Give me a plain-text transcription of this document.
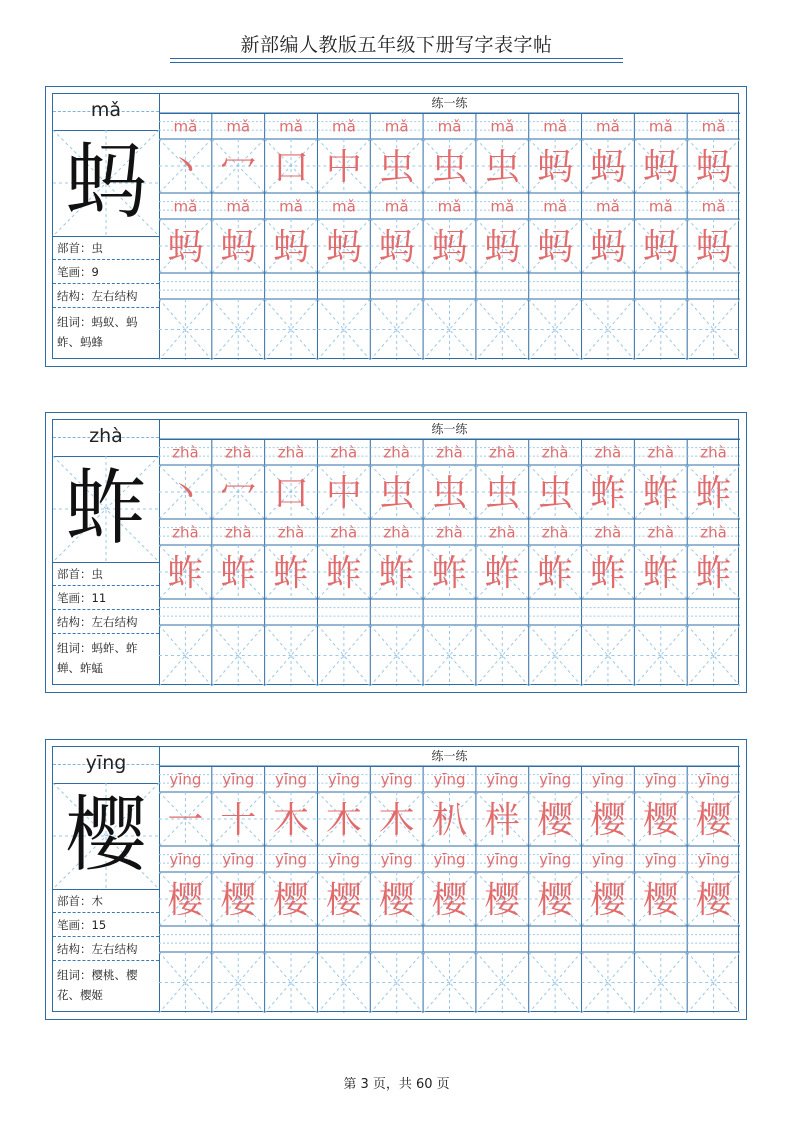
新部编人教版五年级下册写字表字帖
mǎ
蚂
部首：虫
笔画：9
结构：左右结构
组词：蚂蚁、蚂蚱、蚂蜂
练一练
mǎ mǎ mǎ mǎ mǎ mǎ mǎ mǎ mǎ mǎ mǎ
丶 冖 口 中 虫 虫 虫 蚂 蚂 蚂 蚂
mǎ mǎ mǎ mǎ mǎ mǎ mǎ mǎ mǎ mǎ mǎ
蚂 蚂 蚂 蚂 蚂 蚂 蚂 蚂 蚂 蚂 蚂
zhà
蚱
部首：虫
笔画：11
结构：左右结构
组词：蚂蚱、蚱蝉、蚱蜢
练一练
zhà zhà zhà zhà zhà zhà zhà zhà zhà zhà zhà
丶 冖 口 中 虫 虫 虫 虫 蚱 蚱 蚱
zhà zhà zhà zhà zhà zhà zhà zhà zhà zhà zhà
蚱 蚱 蚱 蚱 蚱 蚱 蚱 蚱 蚱 蚱 蚱
yīng
樱
部首：木
笔画：15
结构：左右结构
组词：樱桃、樱花、樱姬
练一练
yīng yīng yīng yīng yīng yīng yīng yīng yīng yīng yīng
一 十 木 木 木 朳 柈 樱 樱 樱 樱
yīng yīng yīng yīng yīng yīng yīng yīng yīng yīng yīng
樱 樱 樱 樱 樱 樱 樱 樱 樱 樱 樱
第 3 页，共 60 页
